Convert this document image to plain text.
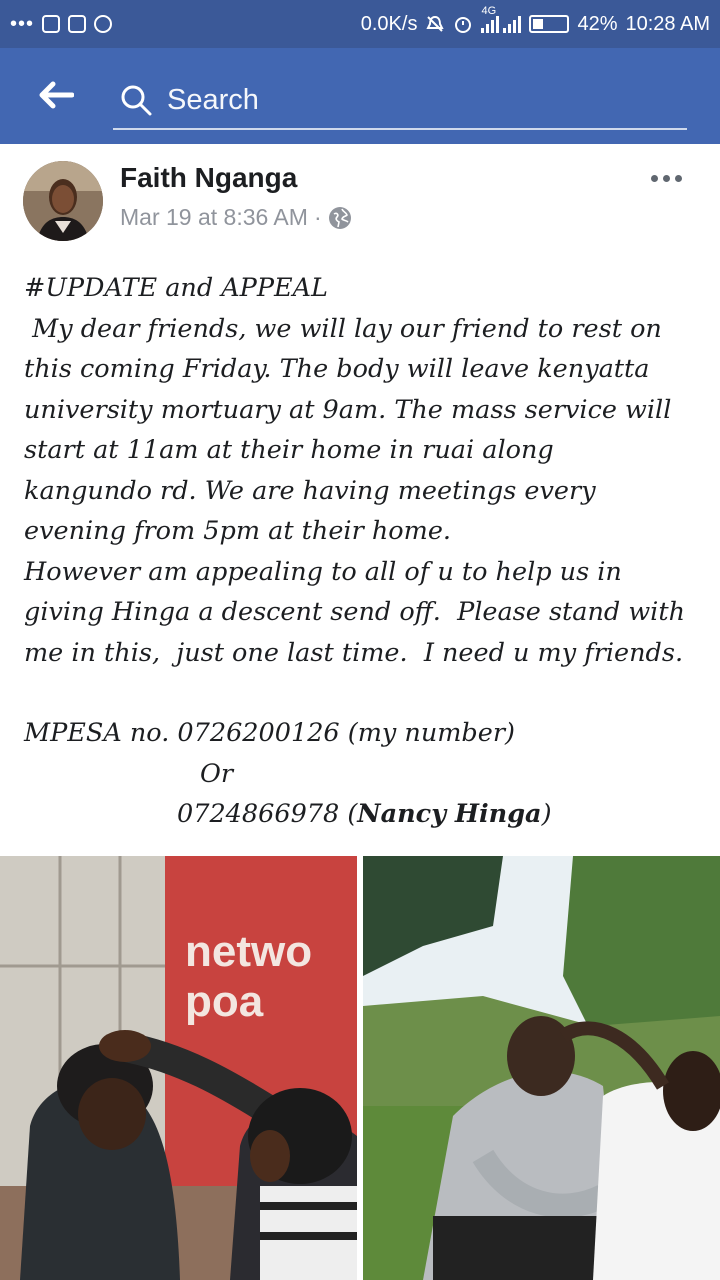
•••	0.0K/s
4G
42% 10:28 AM
Search
Faith Nganga
Mar 19 at 8:36 AM ·
#UPDATE and APPEAL
My dear friends, we will lay our friend to rest on
this coming Friday. The body will leave kenyatta
university mortuary at 9am. The mass service will
start at 11am at their home in ruai along
kangundo rd. We are having meetings every
evening from 5pm at their home.
However am appealing to all of u to help us in
giving Hinga a descent send off.  Please stand with
me in this,  just one last time.  I need u my friends.
MPESA no. 0726200126 (my number)
Or
0724866978 (Nancy Hinga)
netwo
poa
